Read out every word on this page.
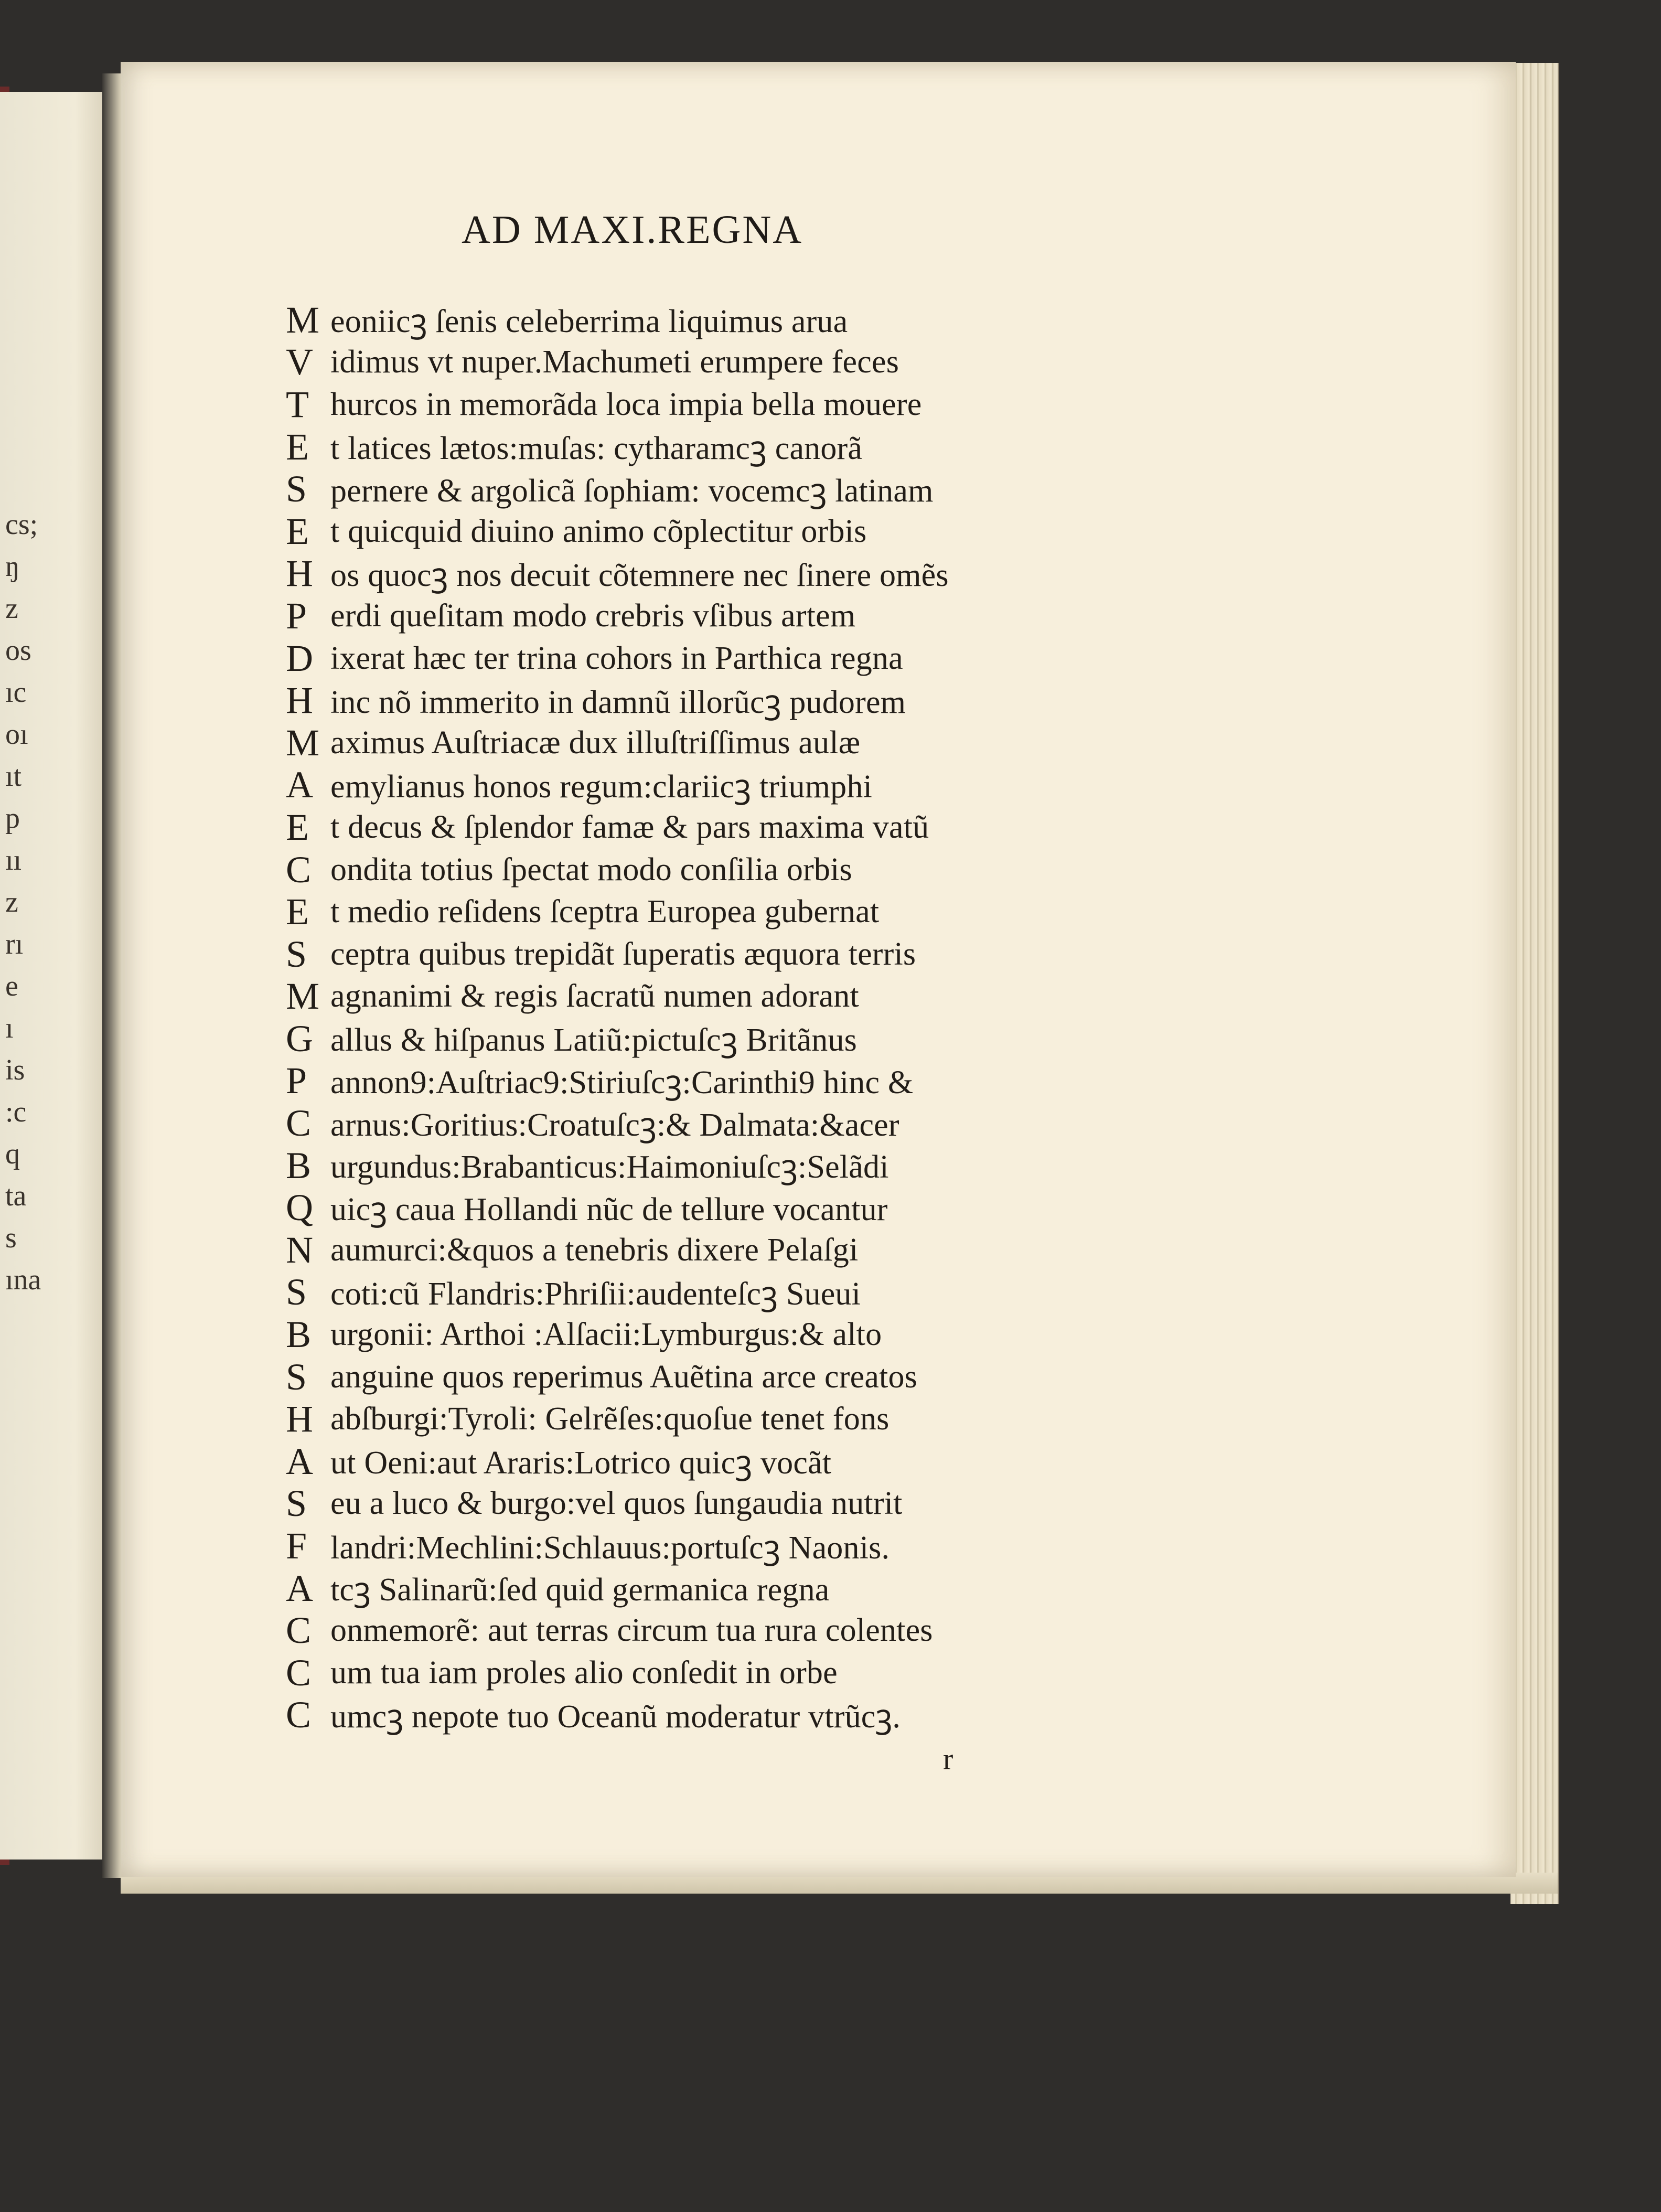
cs;
ŋ
z
os
ıc
oı
ıt
p
ıı
z
rı
e
ı
is
:c
q
ta
s
ına
AD MAXI.REGNA
M eoniicꝫ ſenis celeberrima liquimus arua
V idimus vt nuper.Machumeti erumpere feces
T hurcos in memorãda loca impia bella mouere
E t latices lætos:muſas: cytharamcꝫ canorã
S pernere & argolicã ſophiam: vocemcꝫ latinam
E t quicquid diuino animo cõplectitur orbis
H os quocꝫ nos decuit cõtemnere nec ſinere omẽs
P erdi queſitam modo crebris vſibus artem
D ixerat hæc ter trina cohors in Parthica regna
H inc nõ immerito in damnũ illorũcꝫ pudorem
M aximus Auſtriacæ dux illuſtriſſimus aulæ
A emylianus honos regum:clariicꝫ triumphi
E t decus & ſplendor famæ & pars maxima vatũ
C ondita totius ſpectat modo conſilia orbis
E t medio reſidens ſceptra Europea gubernat
S ceptra quibus trepidãt ſuperatis æquora terris
M agnanimi & regis ſacratũ numen adorant
G allus & hiſpanus Latiũ:pictuſcꝫ Britãnus
P annon9:Auſtriac9:Stiriuſcꝫ:Carinthi9 hinc &
C arnus:Goritius:Croatuſcꝫ:& Dalmata:&acer
B urgundus:Brabanticus:Haimoniuſcꝫ:Selãdi
Q uicꝫ caua Hollandi nũc de tellure vocantur
N aumurci:&quos a tenebris dixere Pelaſgi
S coti:cũ Flandris:Phriſii:audenteſcꝫ Sueui
B urgonii: Arthoi :Alſacii:Lymburgus:& alto
S anguine quos reperimus Auẽtina arce creatos
H abſburgi:Tyroli: Gelrẽſes:quoſue tenet fons
A ut Oeni:aut Araris:Lotrico quicꝫ vocãt
S eu a luco & burgo:vel quos ſungaudia nutrit
F landri:Mechlini:Schlauus:portuſcꝫ Naonis.
A tcꝫ Salinarũ:ſed quid germanica regna
C onmemorẽ: aut terras circum tua rura colentes
C um tua iam proles alio conſedit in orbe
C umcꝫ nepote tuo Oceanũ moderatur vtrũcꝫ.
r
